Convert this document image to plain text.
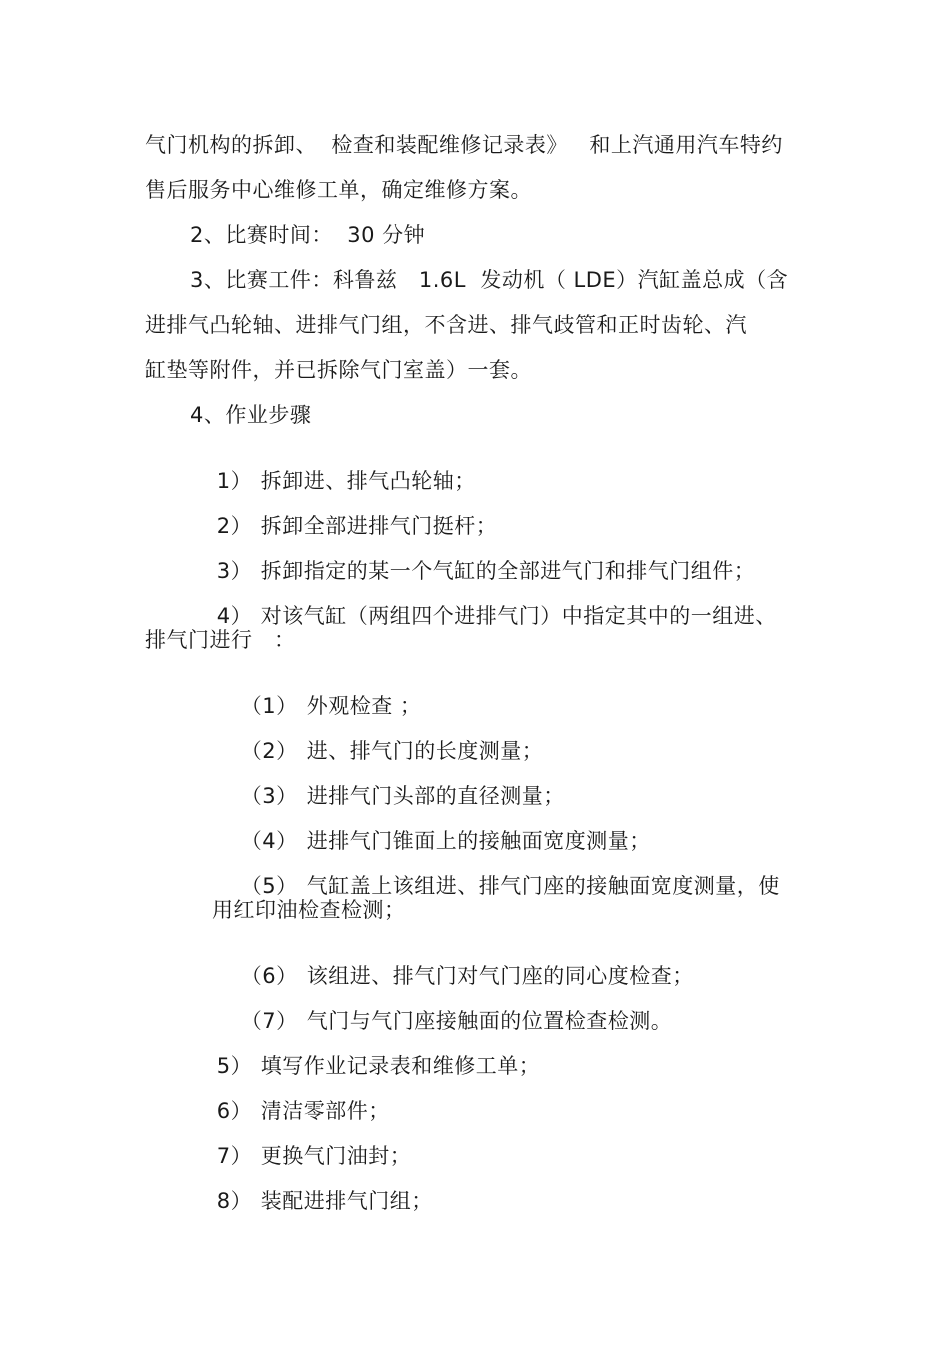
气门机构的拆卸、  检查和装配维修记录表》   和上汽通用汽车特约
售后服务中心维修工单，确定维修方案。
2、比赛时间：  30 分钟
3、比赛工件：科鲁兹   1.6L  发动机（ LDE）汽缸盖总成（含
进排气凸轮轴、进排气门组，不含进、排气歧管和正时齿轮、汽
缸垫等附件，并已拆除气门室盖）一套。
4、作业步骤

1） 拆卸进、排气凸轮轴；

2） 拆卸全部进排气门挺杆；

3） 拆卸指定的某一个气缸的全部进气门和排气门组件；

4） 对该气缸（两组四个进排气门）中指定其中的一组进、

排气门进行   ：

（1） 外观检查 ；

（2） 进、排气门的长度测量；

（3） 进排气门头部的直径测量；

（4） 进排气门锥面上的接触面宽度测量；

（5） 气缸盖上该组进、排气门座的接触面宽度测量，使

用红印油检查检测；

（6） 该组进、排气门对气门座的同心度检查；

（7） 气门与气门座接触面的位置检查检测。

5） 填写作业记录表和维修工单；

6） 清洁零部件；

7） 更换气门油封；

8） 装配进排气门组；
